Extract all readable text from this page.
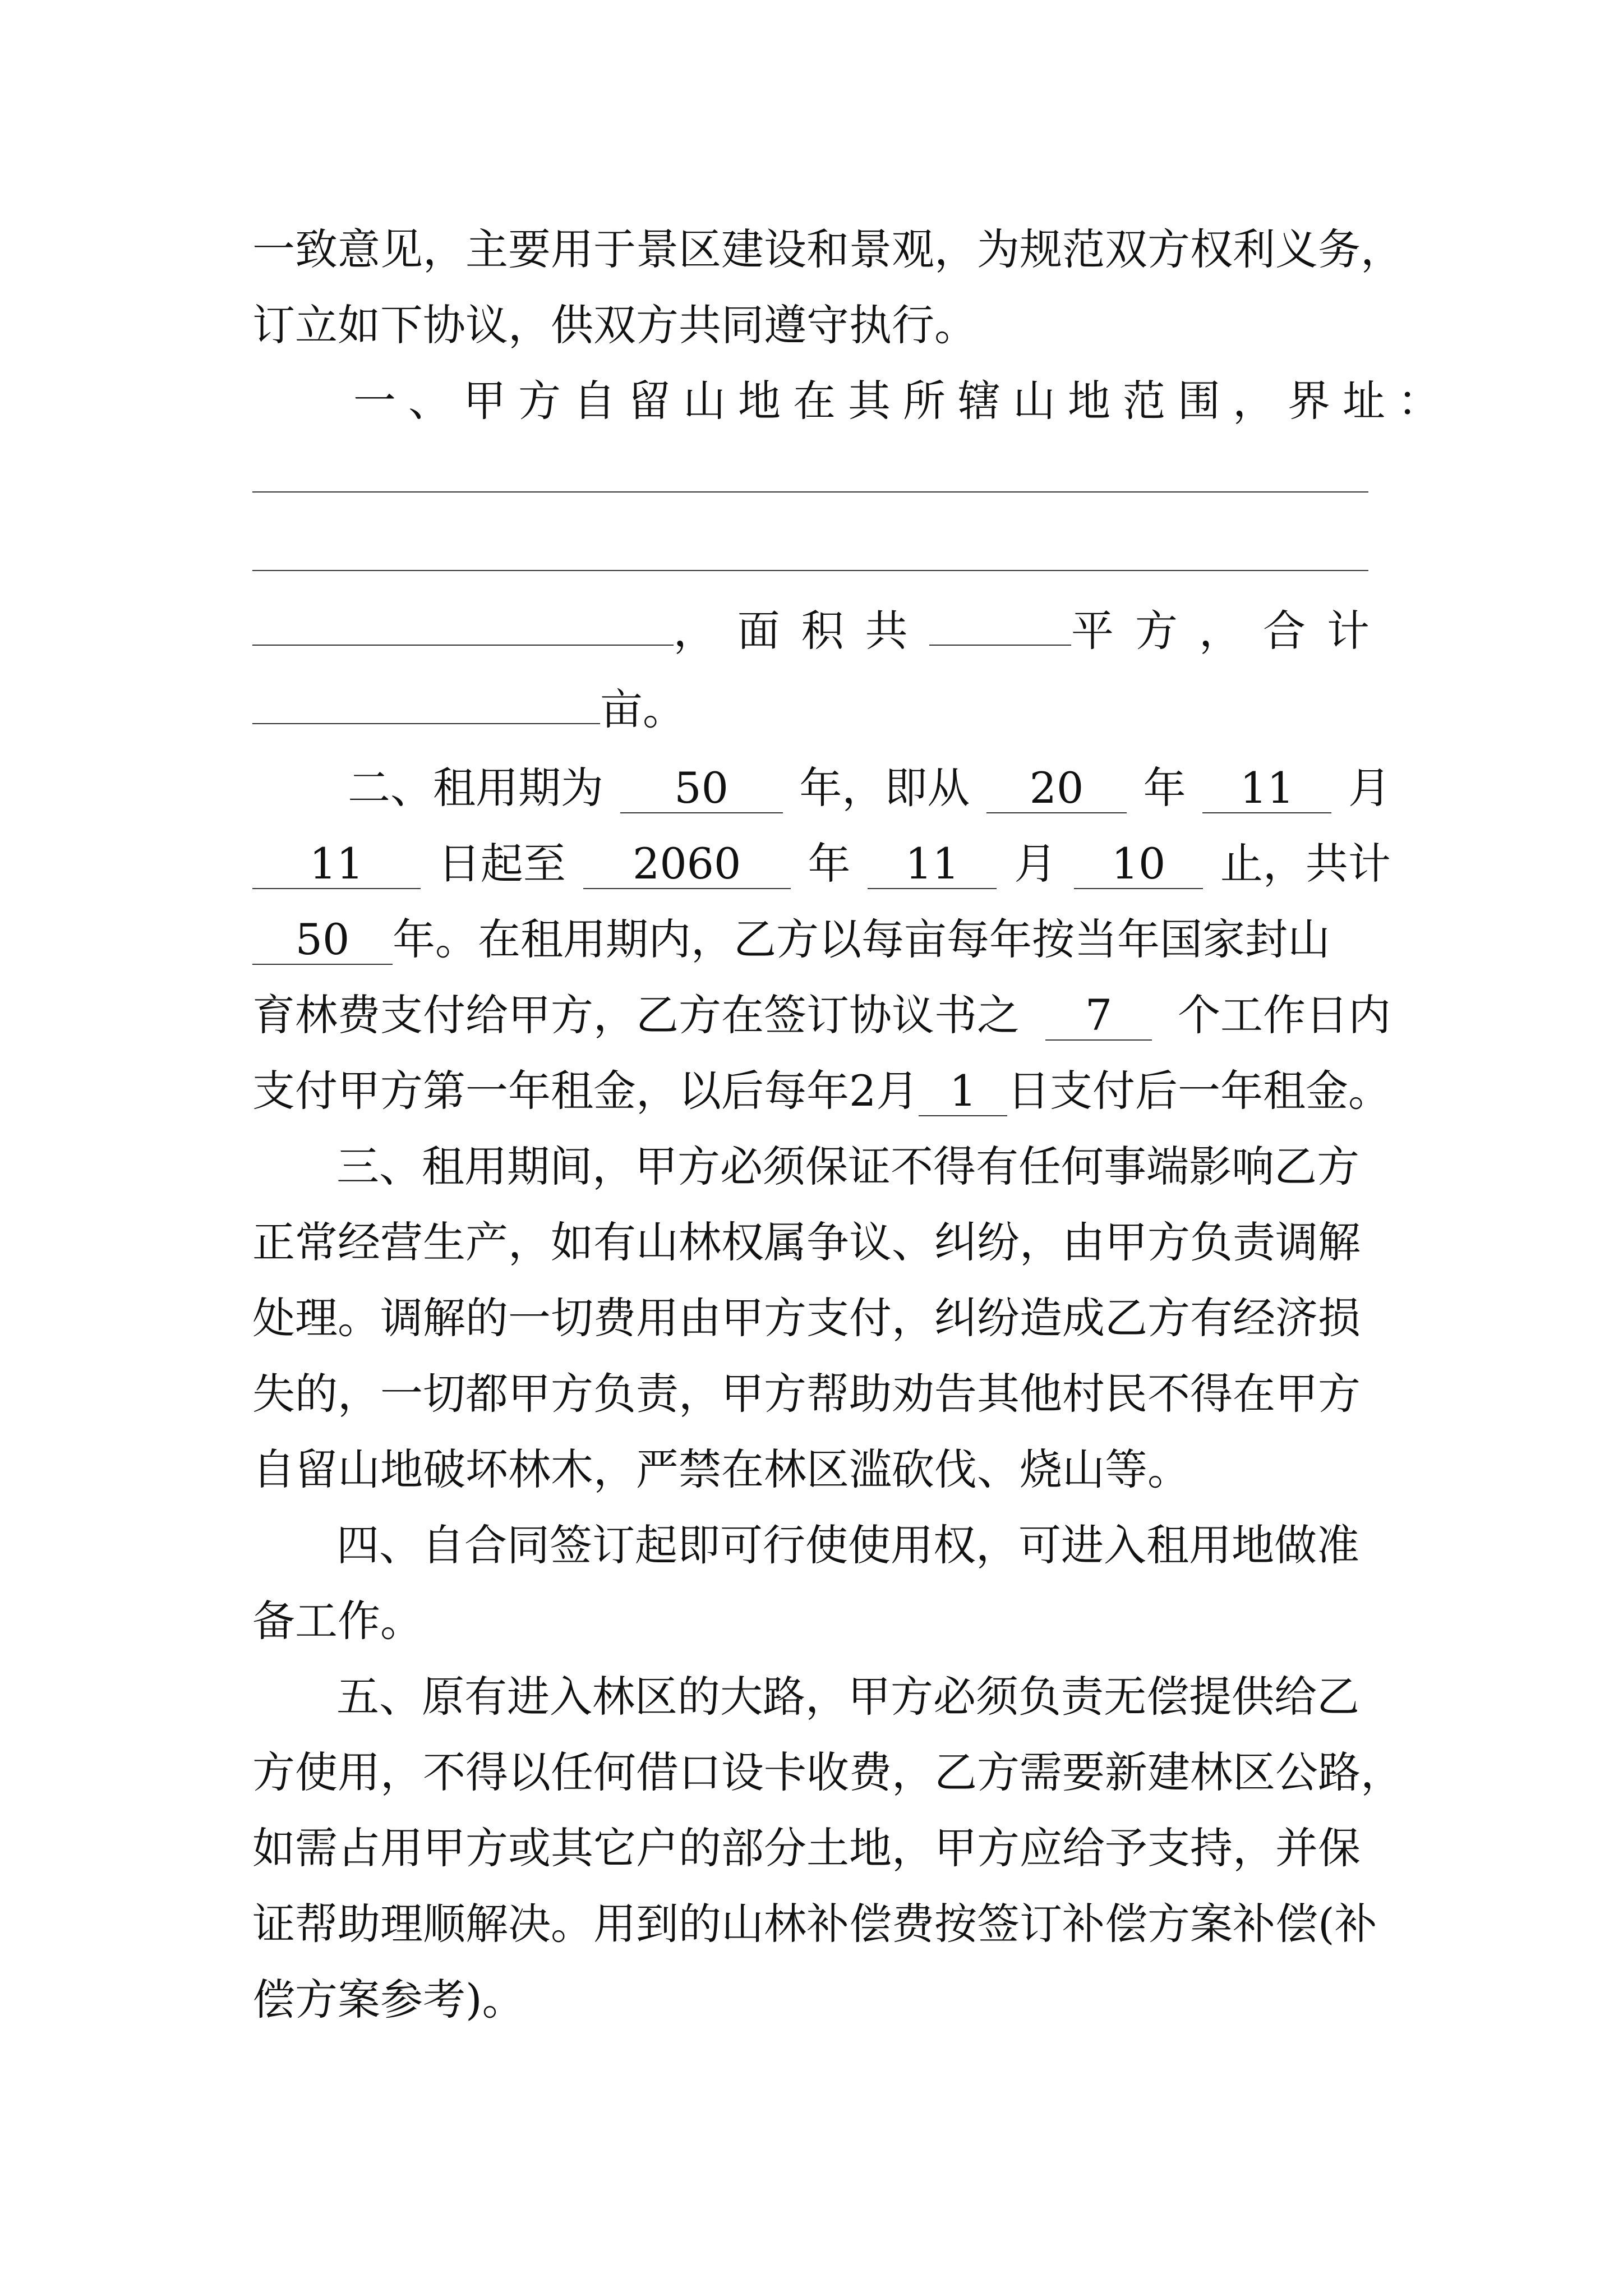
一致意见，主要用于景区建设和景观，为规范双方权利义务，
订立如下协议，供双方共同遵守执行。
一、甲方自留山地在其所辖山地范围，界址：
，面积共	平方，合计
亩。
二、租用期为	50	年，即从	20	年	11	月
11	日起至	2060	年	11	月	10	止，共计
50	年。在租用期内，乙方以每亩每年按当年国家封山
育林费支付给甲方，乙方在签订协议书之	7	个工作日内
支付甲方第一年租金，以后每年2 月 1 日支付后一年租金。
三、租用期间，甲方必须保证不得有任何事端影响乙方
正常经营生产，如有山林权属争议、纠纷，由甲方负责调解
处理。调解的一切费用由甲方支付，纠纷造成乙方有经济损
失的，一切都甲方负责，甲方帮助劝告其他村民不得在甲方
自留山地破坏林木，严禁在林区滥砍伐、烧山等。
四、自合同签订起即可行使使用权，可进入租用地做准
备工作。
五、原有进入林区的大路，甲方必须负责无偿提供给乙
方使用，不得以任何借口设卡收费，乙方需要新建林区公路，
如需占用甲方或其它户的部分土地，甲方应给予支持，并保
证帮助理顺解决。用到的山林补偿费按签订补偿方案补偿(补
偿方案参考)。
